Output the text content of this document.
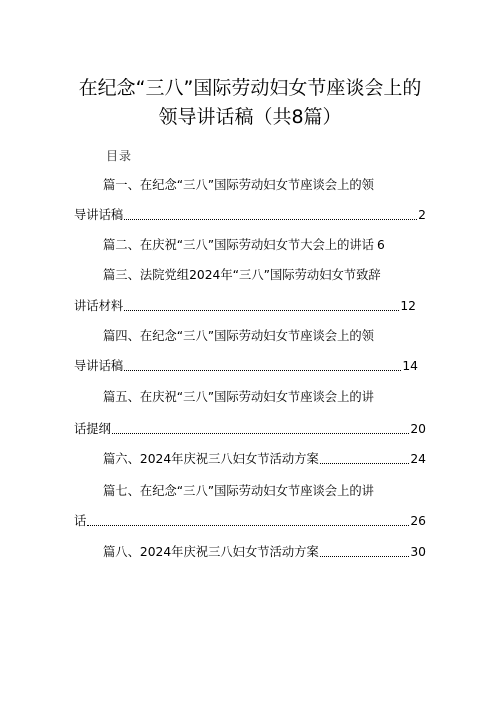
在纪念“三八”国际劳动妇女节座谈会上的
领导讲话稿（共8篇）
目录
篇一、在纪念“三八”国际劳动妇女节座谈会上的领
导讲话稿	2
篇二、在庆祝“三八”国际劳动妇女节大会上的讲话 6
篇三、法院党组2024年“三八”国际劳动妇女节致辞
讲话材料	12
篇四、在纪念“三八”国际劳动妇女节座谈会上的领
导讲话稿	14
篇五、在庆祝“三八”国际劳动妇女节座谈会上的讲
话提纲	20
篇六、2024年庆祝三八妇女节活动方案	24
篇七、在纪念“三八”国际劳动妇女节座谈会上的讲
话	26
篇八、2024年庆祝三八妇女节活动方案	30
